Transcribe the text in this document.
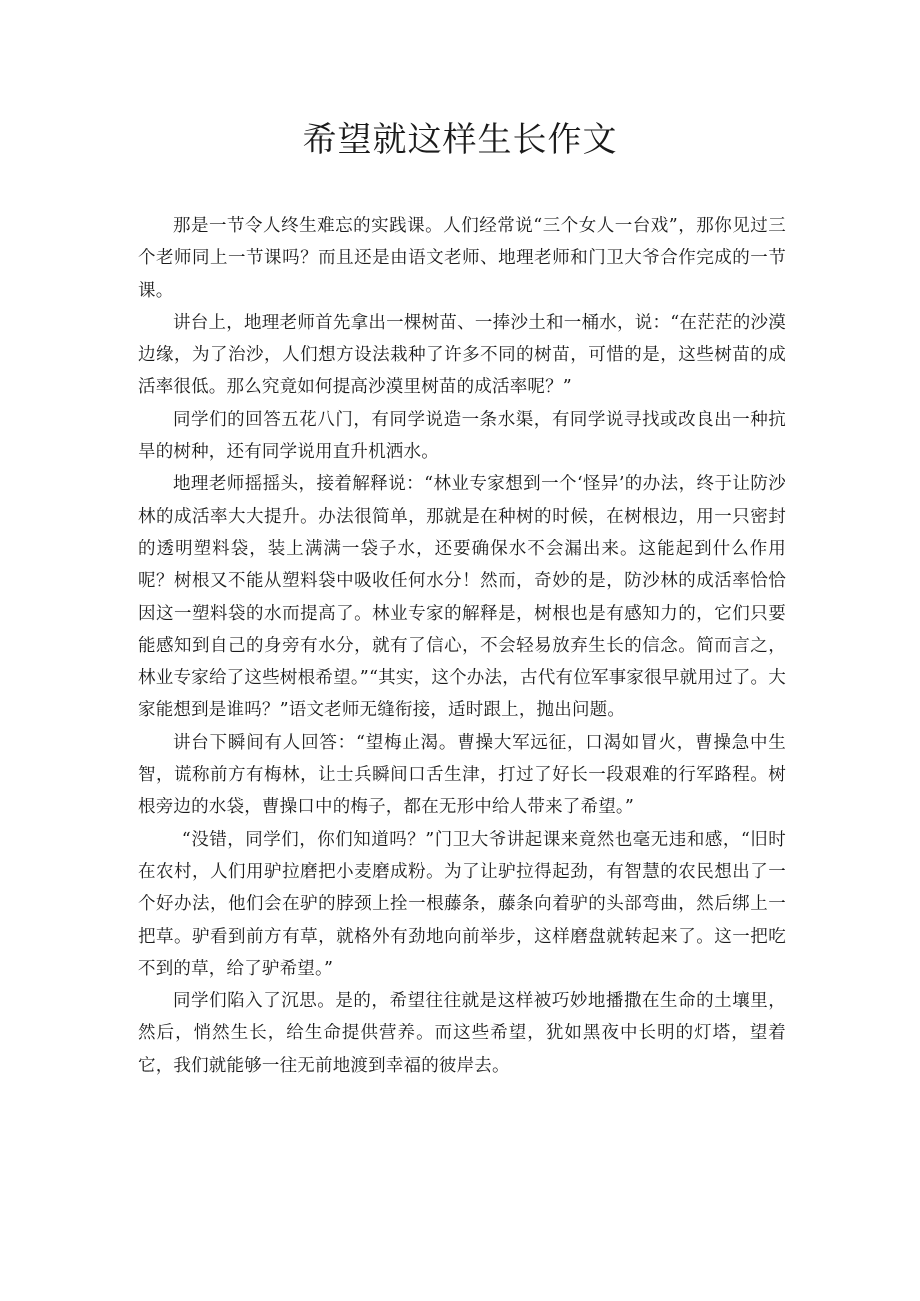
希望就这样生长作文

那是一节令人终生难忘的实践课。人们经常说“三个女人一台戏”，那你见过三个老师同上一节课吗？而且还是由语文老师、地理老师和门卫大爷合作完成的一节课。

讲台上，地理老师首先拿出一棵树苗、一捧沙土和一桶水，说：“在茫茫的沙漠边缘，为了治沙，人们想方设法栽种了许多不同的树苗，可惜的是，这些树苗的成活率很低。那么究竟如何提高沙漠里树苗的成活率呢？”

同学们的回答五花八门，有同学说造一条水渠，有同学说寻找或改良出一种抗旱的树种，还有同学说用直升机洒水。

地理老师摇摇头，接着解释说：“林业专家想到一个‘怪异’的办法，终于让防沙林的成活率大大提升。办法很简单，那就是在种树的时候，在树根边，用一只密封的透明塑料袋，装上满满一袋子水，还要确保水不会漏出来。这能起到什么作用呢？树根又不能从塑料袋中吸收任何水分！然而，奇妙的是，防沙林的成活率恰恰因这一塑料袋的水而提高了。林业专家的解释是，树根也是有感知力的，它们只要能感知到自己的身旁有水分，就有了信心，不会轻易放弃生长的信念。简而言之，林业专家给了这些树根希望。”“其实，这个办法，古代有位军事家很早就用过了。大家能想到是谁吗？”语文老师无缝衔接，适时跟上，抛出问题。

讲台下瞬间有人回答：“望梅止渴。曹操大军远征，口渴如冒火，曹操急中生智，谎称前方有梅林，让士兵瞬间口舌生津，打过了好长一段艰难的行军路程。树根旁边的水袋，曹操口中的梅子，都在无形中给人带来了希望。”

“没错，同学们，你们知道吗？”门卫大爷讲起课来竟然也毫无违和感，“旧时在农村，人们用驴拉磨把小麦磨成粉。为了让驴拉得起劲，有智慧的农民想出了一个好办法，他们会在驴的脖颈上拴一根藤条，藤条向着驴的头部弯曲，然后绑上一把草。驴看到前方有草，就格外有劲地向前举步，这样磨盘就转起来了。这一把吃不到的草，给了驴希望。”

同学们陷入了沉思。是的，希望往往就是这样被巧妙地播撒在生命的土壤里，然后，悄然生长，给生命提供营养。而这些希望，犹如黑夜中长明的灯塔，望着它，我们就能够一往无前地渡到幸福的彼岸去。
